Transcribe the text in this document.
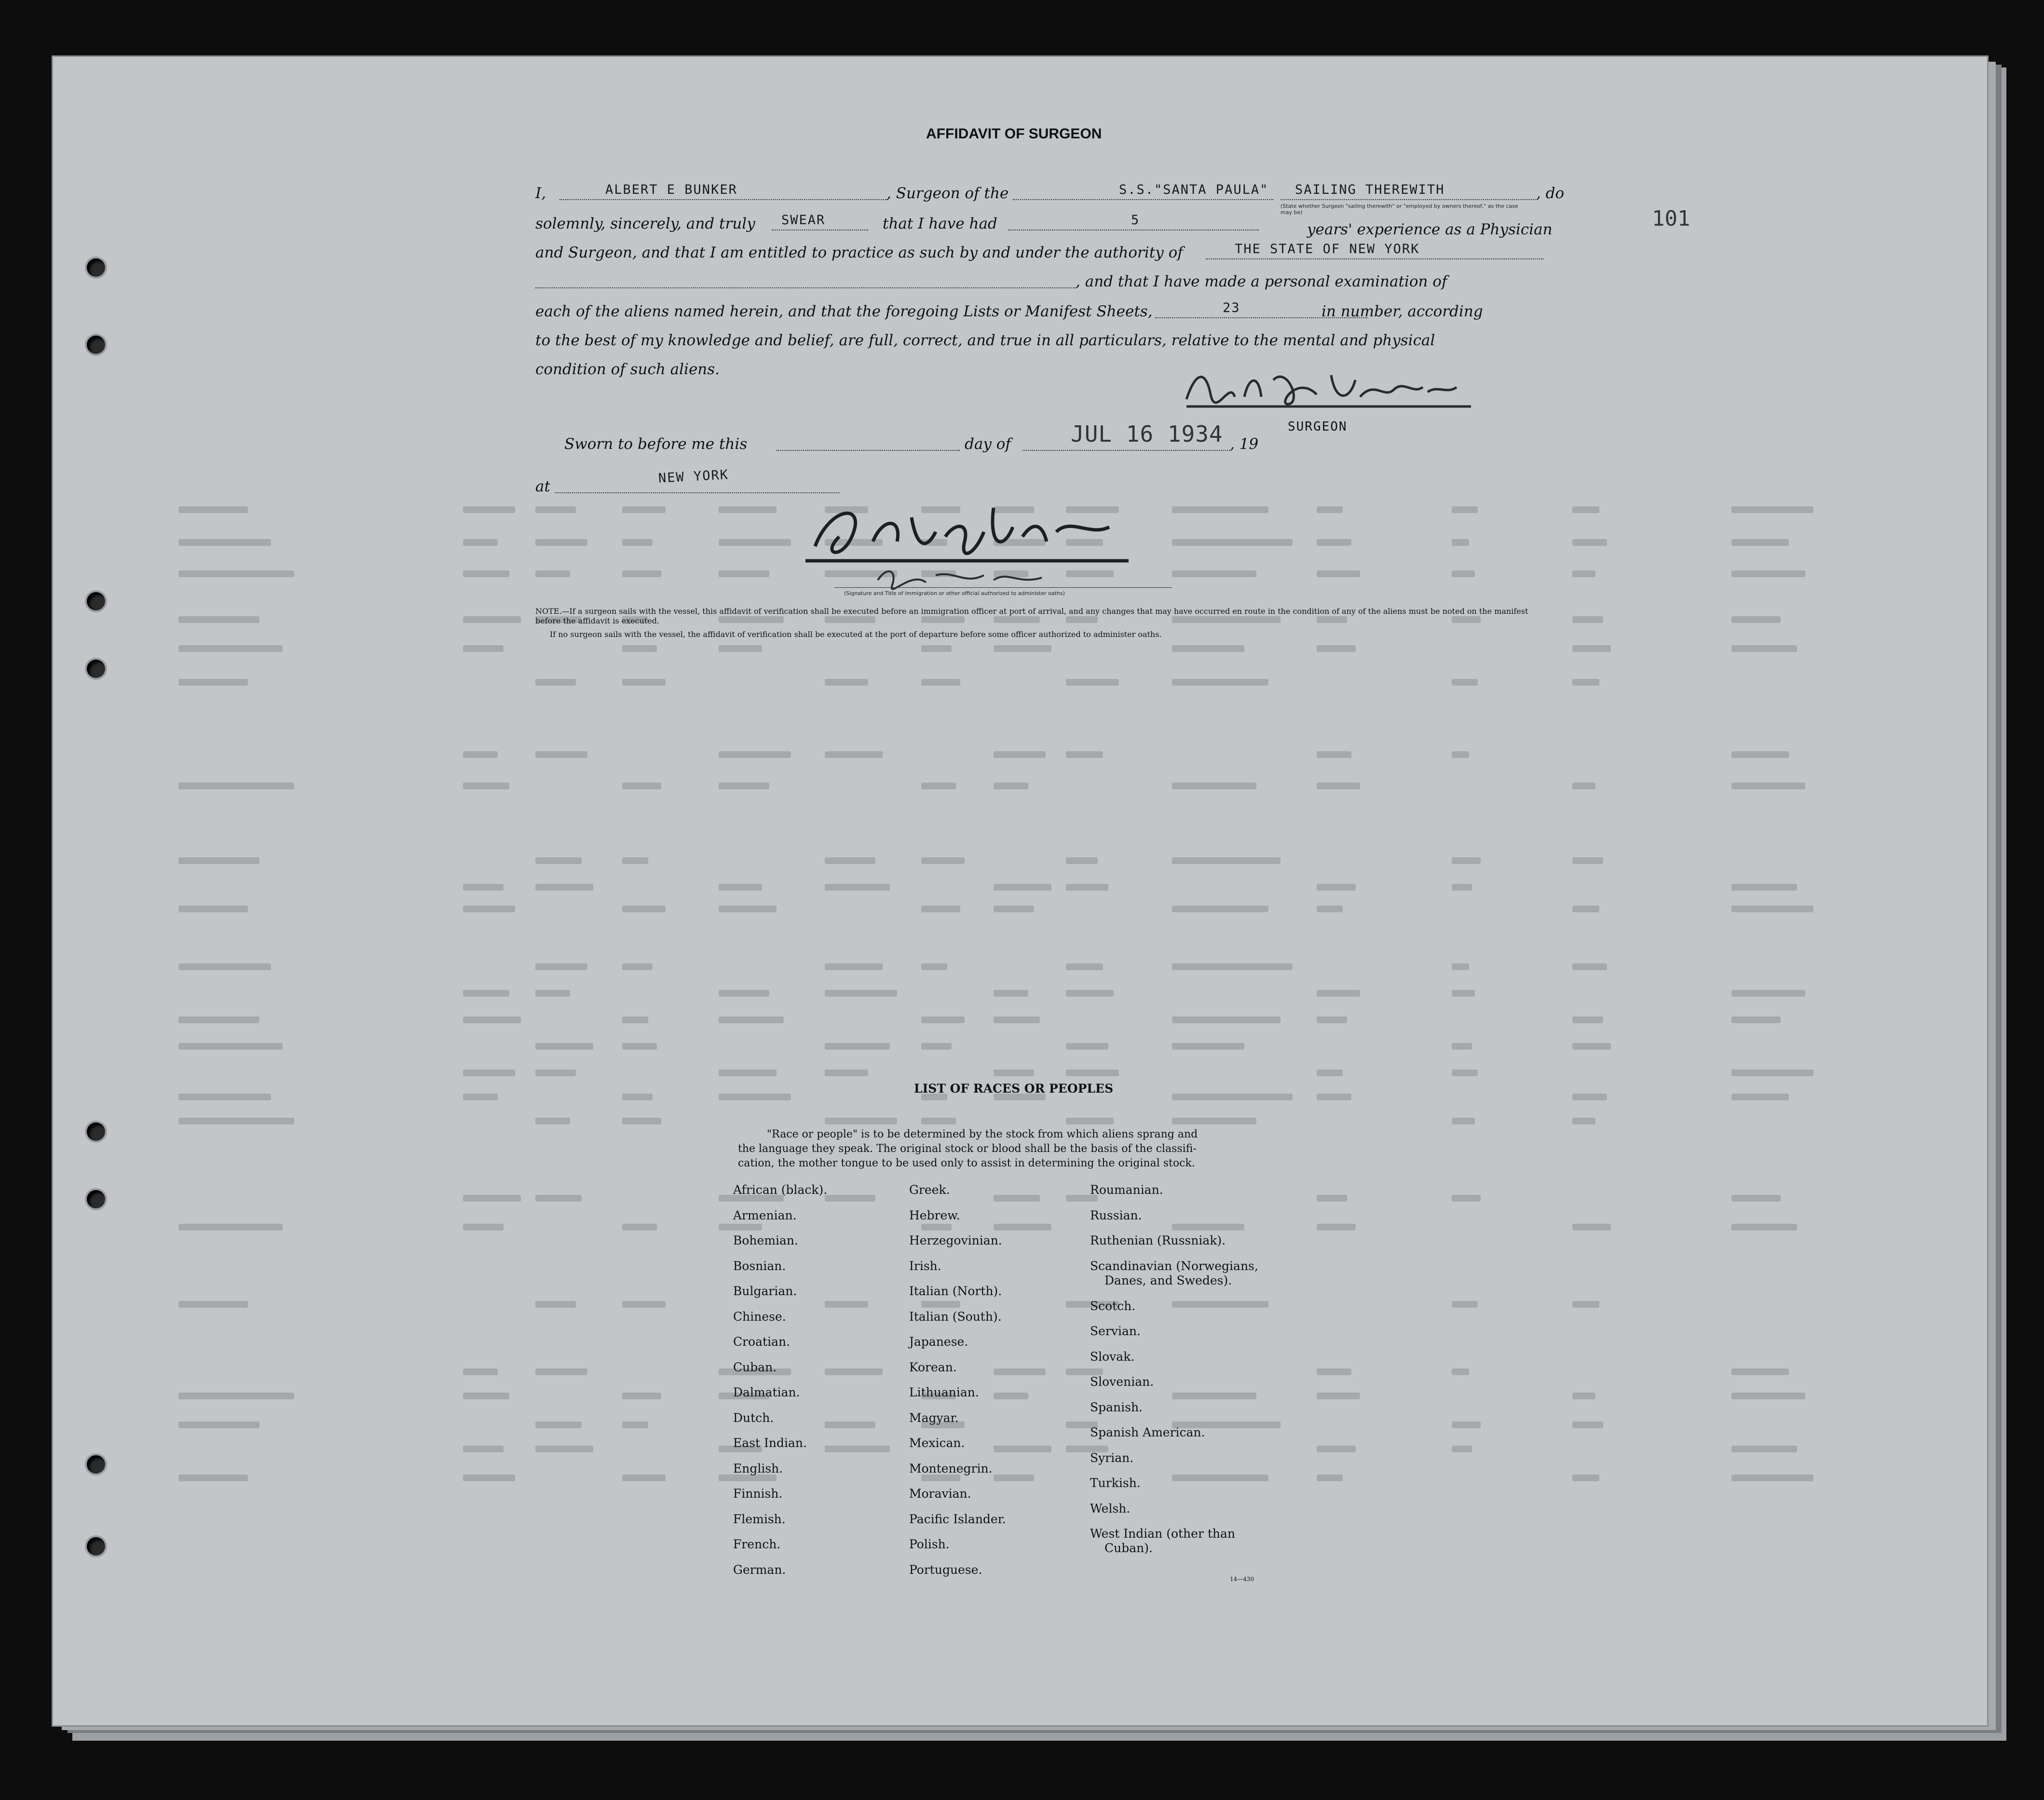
AFFIDAVIT OF SURGEON
101
I,	ALBERT E BUNKER	, Surgeon of the	S.S."SANTA PAULA" SAILING THEREWITH	, do
(State whether Surgeon "sailing therewith" or "employed by owners thereof," as the case may be)
solemnly, sincerely, and truly SWEAR	that I have had	5
years' experience as a Physician
and Surgeon, and that I am entitled to practice as such by and under the authority of	THE STATE OF NEW YORK
, and that I have made a personal examination of
each of the aliens named herein, and that the foregoing Lists or Manifest Sheets,	23	in number, according
to the best of my knowledge and belief, are full, correct, and true in all particulars, relative to the mental and physical
condition of such aliens.
SURGEON
Sworn to before me this	day of	JUL 16 1934 , 19
at
NEW YORK
(Signature and Title of immigration or other official authorized to administer oaths)
NOTE.—If a surgeon sails with the vessel, this affidavit of verification shall be executed before an immigration officer at port of arrival, and any changes that may have occurred en route in the condition of any of the aliens must be noted on the manifest before the affidavit is executed.
If no surgeon sails with the vessel, the affidavit of verification shall be executed at the port of departure before some officer authorized to administer oaths.
LIST OF RACES OR PEOPLES
"Race or people" is to be determined by the stock from which aliens sprang and
the language they speak. The original stock or blood shall be the basis of the classifi-
cation, the mother tongue to be used only to assist in determining the original stock.
African (black).
Armenian.
Bohemian.
Bosnian.
Bulgarian.
Chinese.
Croatian.
Cuban.
Dalmatian.
Dutch.
East Indian.
English.
Finnish.
Flemish.
French.
German.
Greek.
Hebrew.
Herzegovinian.
Irish.
Italian (North).
Italian (South).
Japanese.
Korean.
Lithuanian.
Magyar.
Mexican.
Montenegrin.
Moravian.
Pacific Islander.
Polish.
Portuguese.
Roumanian.
Russian.
Ruthenian (Russniak).
Scandinavian (Norwegians,
Danes, and Swedes).
Scotch.
Servian.
Slovak.
Slovenian.
Spanish.
Spanish American.
Syrian.
Turkish.
Welsh.
West Indian (other than
Cuban).
14—430
